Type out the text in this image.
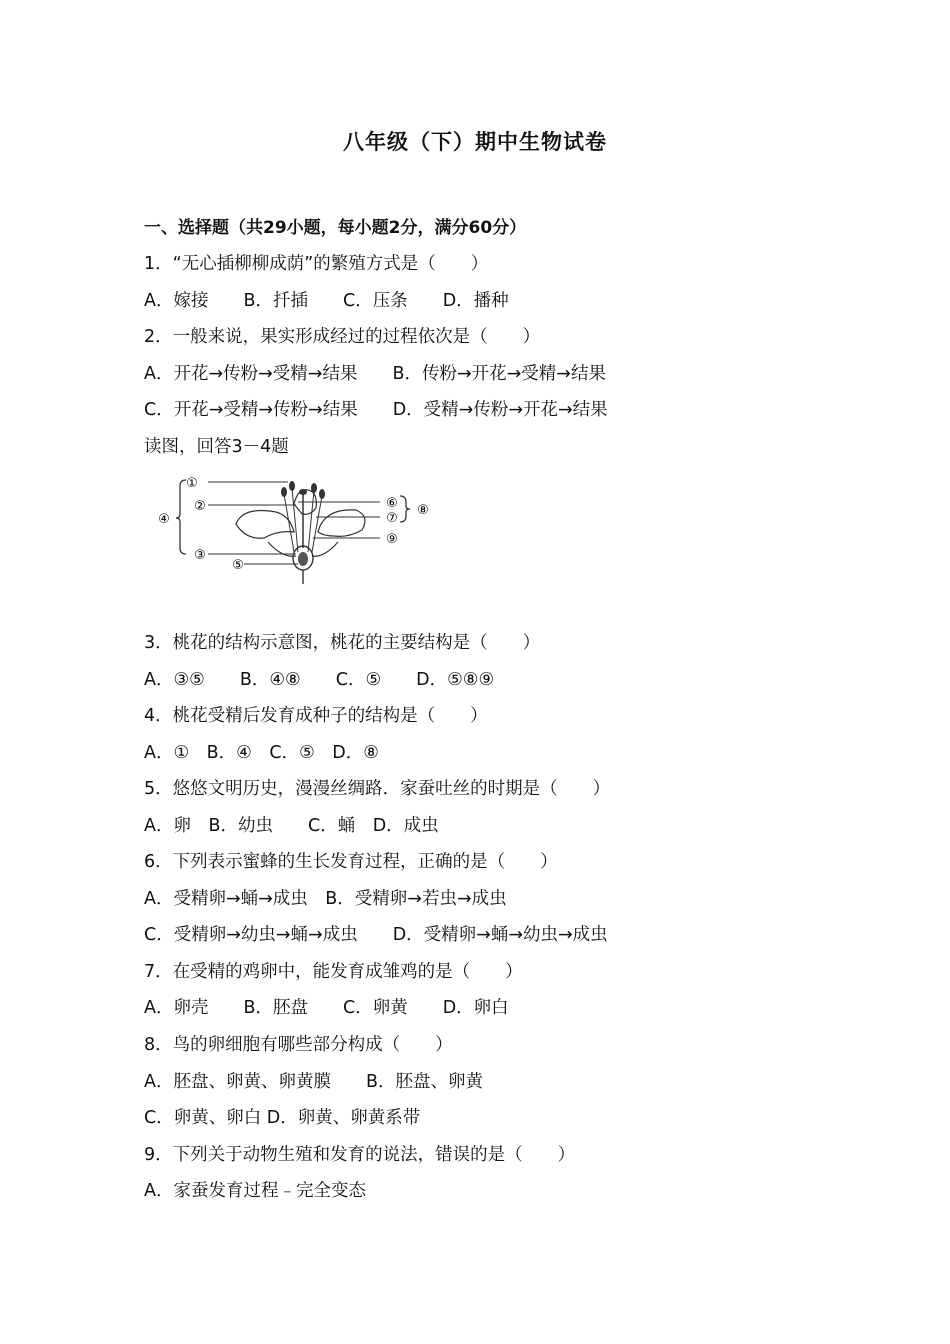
八年级（下）期中生物试卷
一、选择题（共29小题，每小题2分，满分60分）
1．“无心插柳柳成荫”的繁殖方式是（　　）
A．嫁接　　B．扦插　　C．压条　　D．播种
2．一般来说，果实形成经过的过程依次是（　　）
A．开花→传粉→受精→结果　　B．传粉→开花→受精→结果
C．开花→受精→传粉→结果　　D．受精→传粉→开花→结果
读图，回答3－4题
①
②
③
④
⑤
⑥
⑦
⑧
⑨
3．桃花的结构示意图，桃花的主要结构是（　　）
A．③⑤　　B．④⑧　　C．⑤　　D．⑤⑧⑨
4．桃花受精后发育成种子的结构是（　　）
A．①　B．④　C．⑤　D．⑧
5．悠悠文明历史，漫漫丝绸路．家蚕吐丝的时期是（　　）
A．卵　B．幼虫　　C．蛹　D．成虫
6．下列表示蜜蜂的生长发育过程，正确的是（　　）
A．受精卵→蛹→成虫　B．受精卵→若虫→成虫
C．受精卵→幼虫→蛹→成虫　　D．受精卵→蛹→幼虫→成虫
7．在受精的鸡卵中，能发育成雏鸡的是（　　）
A．卵壳　　B．胚盘　　C．卵黄　　D．卵白
8．鸟的卵细胞有哪些部分构成（　　）
A．胚盘、卵黄、卵黄膜　　B．胚盘、卵黄
C．卵黄、卵白 D．卵黄、卵黄系带
9．下列关于动物生殖和发育的说法，错误的是（　　）
A．家蚕发育过程﹣完全变态
